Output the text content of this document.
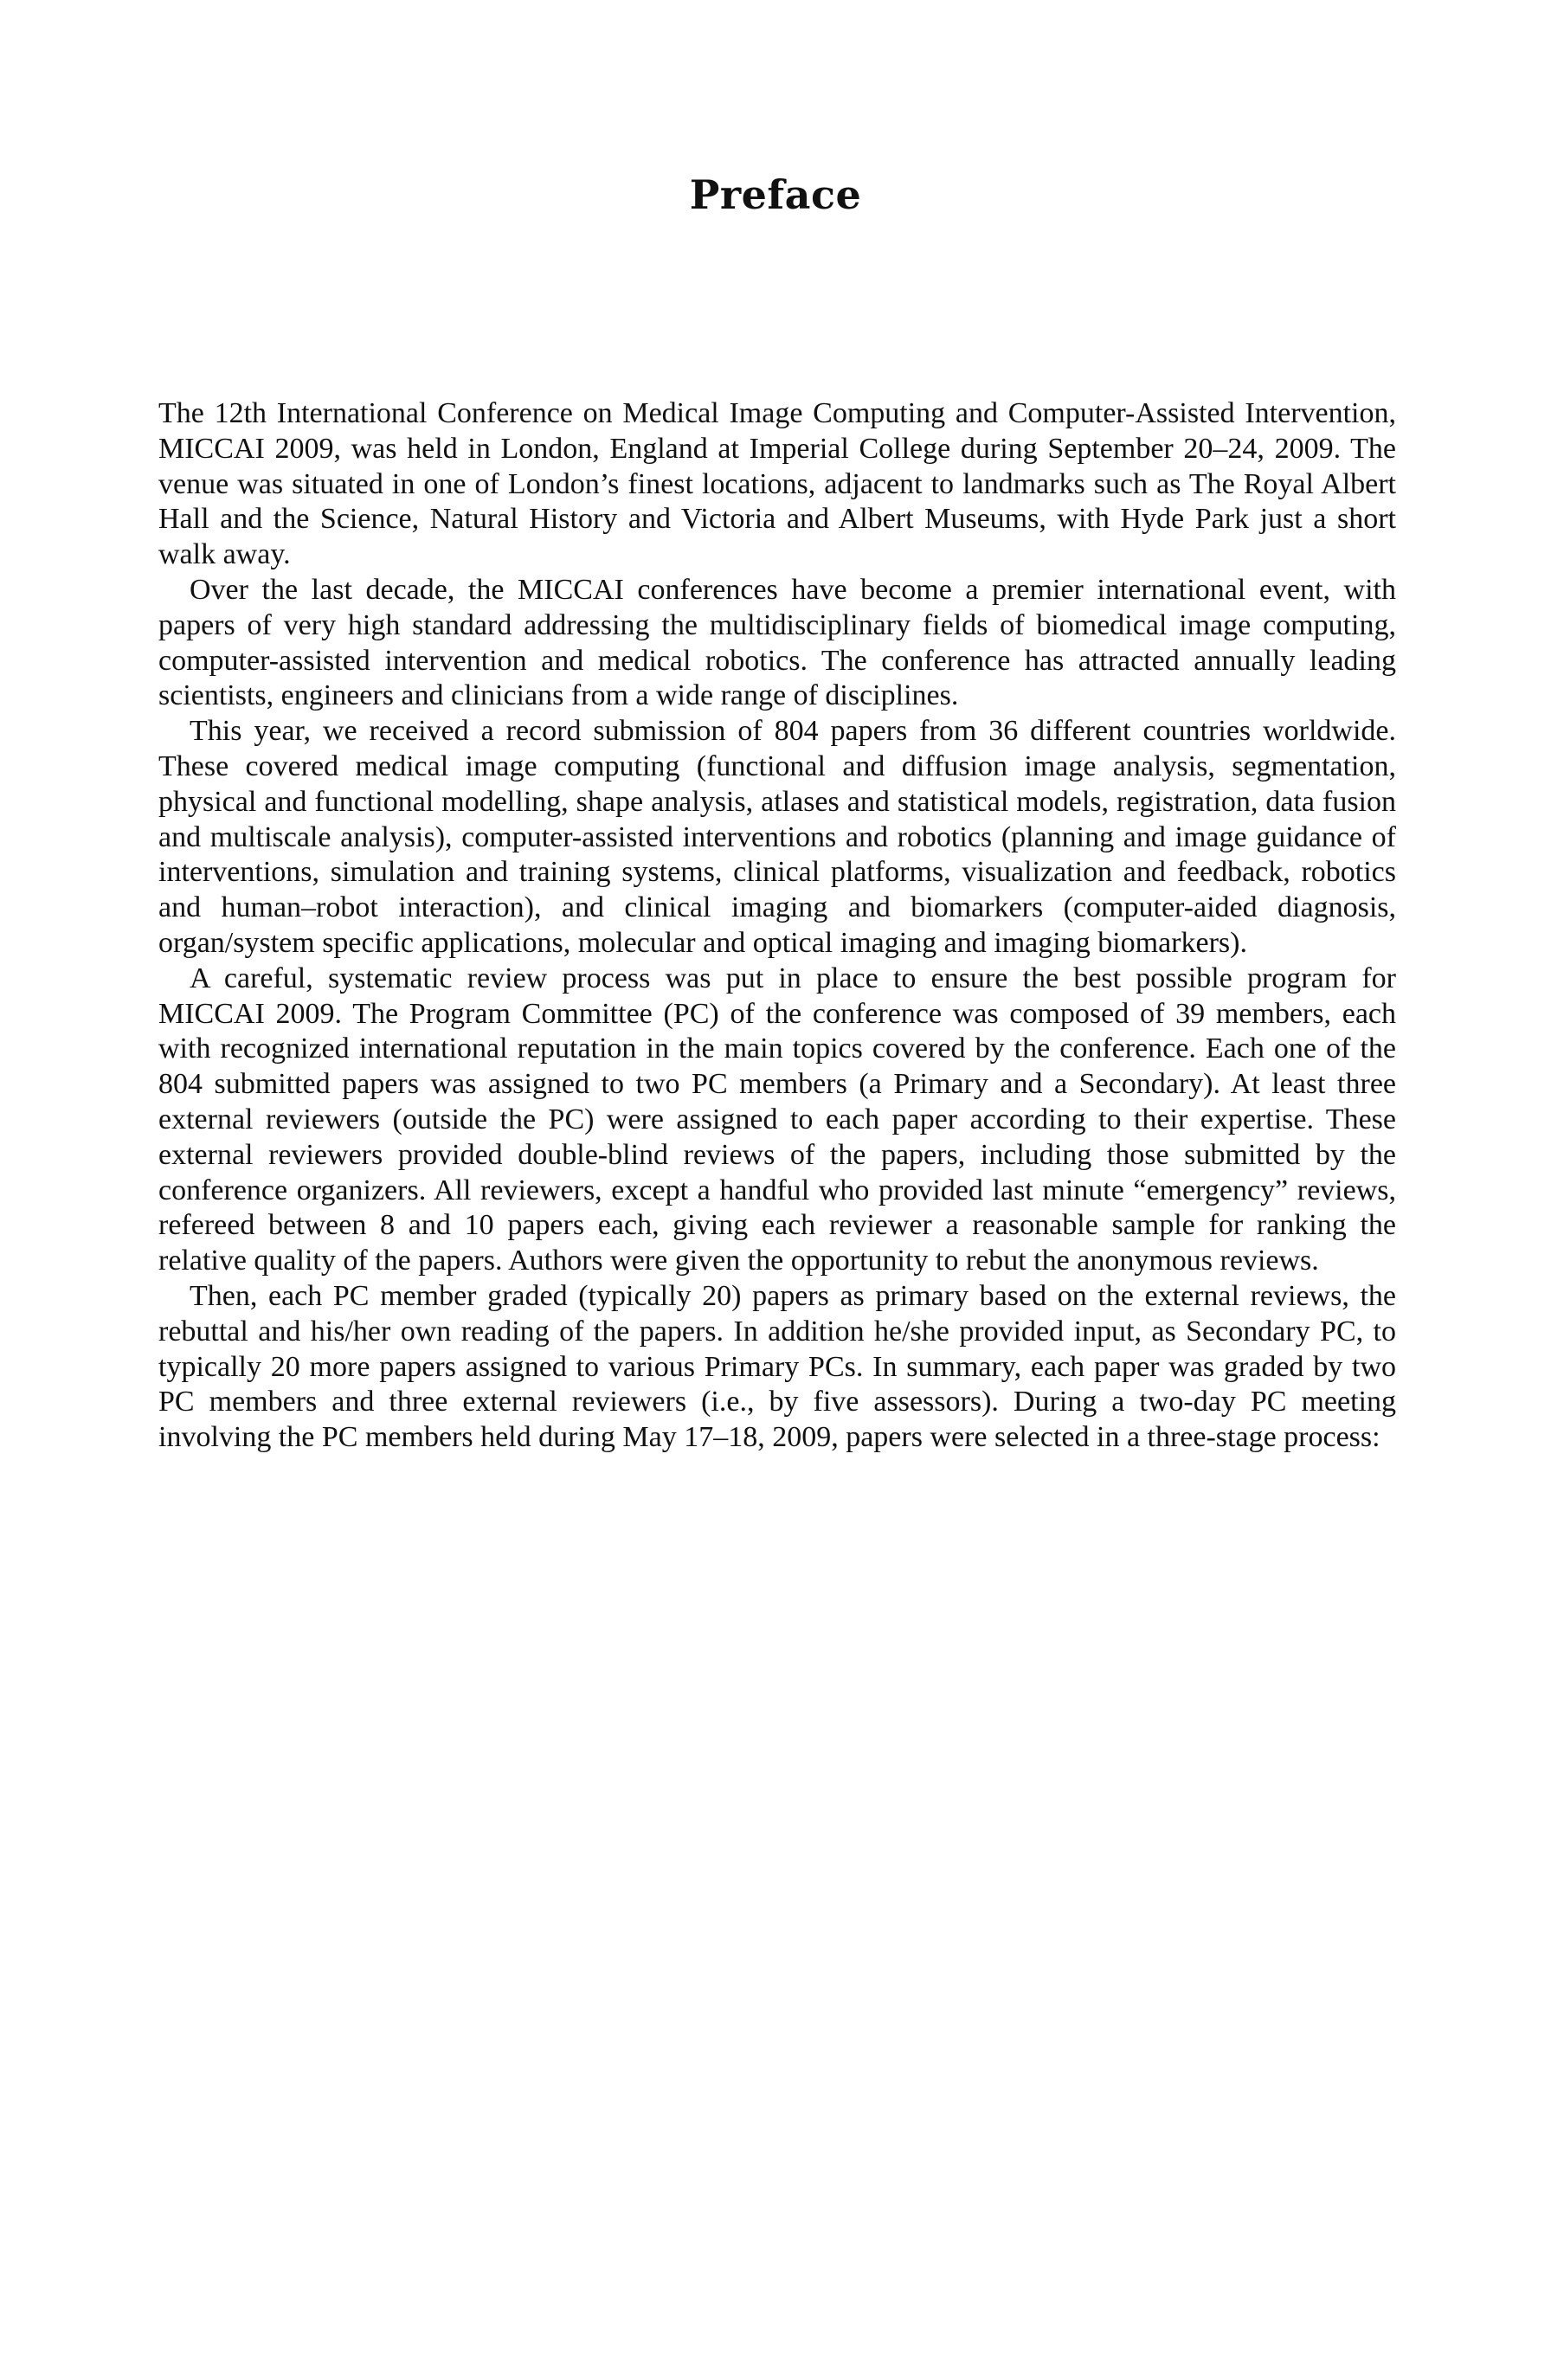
Preface

The 12th International Conference on Medical Image Computing and Computer-Assisted Intervention, MICCAI 2009, was held in London, England at Imperial College during September 20–24, 2009. The venue was situated in one of London’s finest locations, adjacent to landmarks such as The Royal Albert Hall and the Science, Natural History and Victoria and Albert Museums, with Hyde Park just a short walk away.

Over the last decade, the MICCAI conferences have become a premier international event, with papers of very high standard addressing the multidisciplinary fields of biomedical image computing, computer-assisted intervention and medical robotics. The conference has attracted annually leading scientists, engineers and clinicians from a wide range of disciplines.

This year, we received a record submission of 804 papers from 36 different countries worldwide. These covered medical image computing (functional and diffusion image analysis, segmentation, physical and functional modelling, shape analysis, atlases and statistical models, registration, data fusion and multiscale analysis), computer-assisted interventions and robotics (planning and image guidance of interventions, simulation and training systems, clinical platforms, visualization and feedback, robotics and human–robot interaction), and clinical imaging and biomarkers (computer-aided diagnosis, organ/system specific applications, molecular and optical imaging and imaging biomarkers).

A careful, systematic review process was put in place to ensure the best possible program for MICCAI 2009. The Program Committee (PC) of the conference was composed of 39 members, each with recognized international reputation in the main topics covered by the conference. Each one of the 804 submitted papers was assigned to two PC members (a Primary and a Secondary). At least three external reviewers (outside the PC) were assigned to each paper according to their expertise. These external reviewers provided double-blind reviews of the papers, including those submitted by the conference organizers. All reviewers, except a handful who provided last minute “emergency” reviews, refereed between 8 and 10 papers each, giving each reviewer a reasonable sample for ranking the relative quality of the papers. Authors were given the opportunity to rebut the anonymous reviews.

Then, each PC member graded (typically 20) papers as primary based on the external reviews, the rebuttal and his/her own reading of the papers. In addition he/she provided input, as Secondary PC, to typically 20 more papers assigned to various Primary PCs. In summary, each paper was graded by two PC members and three external reviewers (i.e., by five assessors). During a two-day PC meeting involving the PC members held during May 17–18, 2009, papers were selected in a three-stage process:
